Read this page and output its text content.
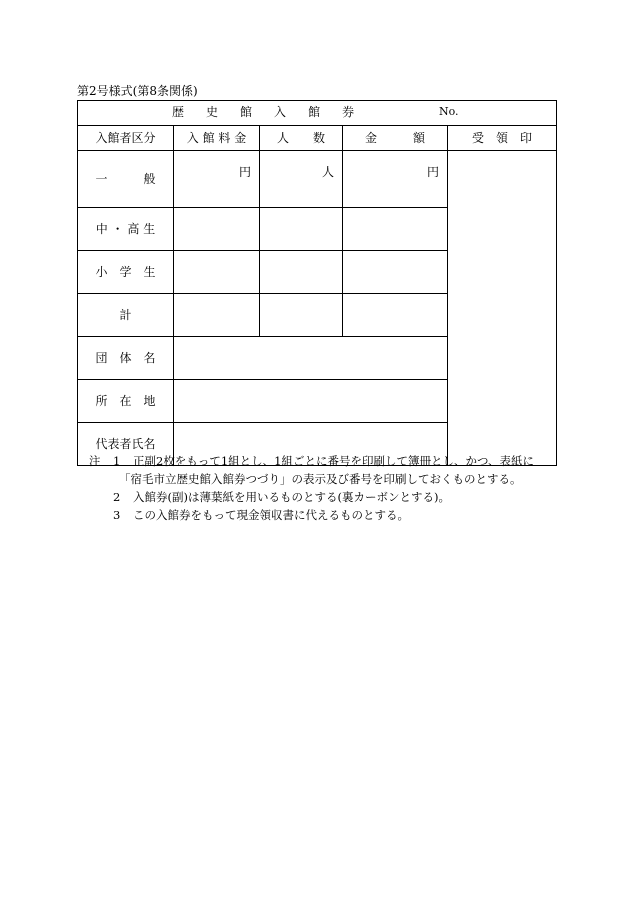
第2号様式(第8条関係)
歴 史 館 入 館 券 No.				

入館者区分	入 館 料 金	人　　数	金　　　額	受　領　印
一　　　般	円	人	円	
中 ・ 高 生				
小　学　生				
計				
団　体　名				
所　在　地				
代表者氏名				
注 1 正副2枚をもって1組とし、1組ごとに番号を印刷して簿冊とし、かつ、表紙に
「宿毛市立歴史館入館券つづり」の表示及び番号を印刷しておくものとする。
2 入館券(副)は薄葉紙を用いるものとする(裏カーボンとする)。
3 この入館券をもって現金領収書に代えるものとする。
